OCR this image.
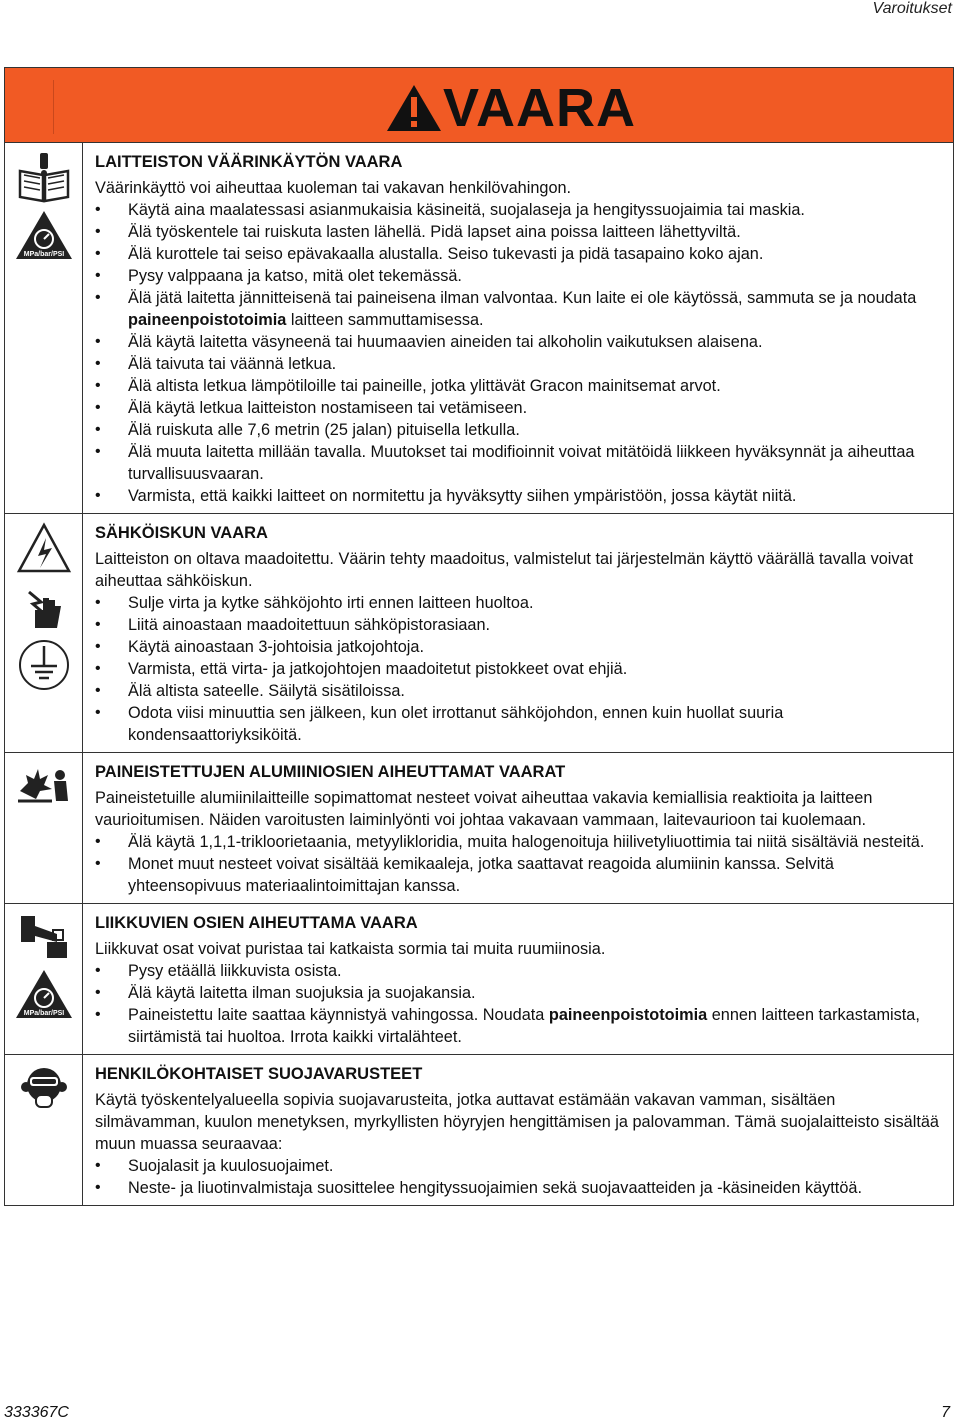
Varoitukset
VAARA
MPa/bar/PSI
LAITTEISTON VÄÄRINKÄYTÖN VAARA

Väärinkäyttö voi aiheuttaa kuoleman tai vakavan henkilövahingon.

• Käytä aina maalatessasi asianmukaisia käsineitä, suojalaseja ja hengityssuojaimia tai maskia.
• Älä työskentele tai ruiskuta lasten lähellä. Pidä lapset aina poissa laitteen lähettyviltä.
• Älä kurottele tai seiso epävakaalla alustalla. Seiso tukevasti ja pidä tasapaino koko ajan.
• Pysy valppaana ja katso, mitä olet tekemässä.
• Älä jätä laitetta jännitteisenä tai paineisena ilman valvontaa. Kun laite ei ole käytössä, sammuta se ja noudata paineenpoistotoimia laitteen sammuttamisessa.
• Älä käytä laitetta väsyneenä tai huumaavien aineiden tai alkoholin vaikutuksen alaisena.
• Älä taivuta tai väännä letkua.
• Älä altista letkua lämpötiloille tai paineille, jotka ylittävät Gracon mainitsemat arvot.
• Älä käytä letkua laitteiston nostamiseen tai vetämiseen.
• Älä ruiskuta alle 7,6 metrin (25 jalan) pituisella letkulla.
• Älä muuta laitetta millään tavalla. Muutokset tai modifioinnit voivat mitätöidä liikkeen hyväksynnät ja aiheuttaa turvallisuusvaaran.
• Varmista, että kaikki laitteet on normitettu ja hyväksytty siihen ympäristöön, jossa käytät niitä.
SÄHKÖISKUN VAARA

Laitteiston on oltava maadoitettu. Väärin tehty maadoitus, valmistelut tai järjestelmän käyttö väärällä tavalla voivat aiheuttaa sähköiskun.

• Sulje virta ja kytke sähköjohto irti ennen laitteen huoltoa.
• Liitä ainoastaan maadoitettuun sähköpistorasiaan.
• Käytä ainoastaan 3-johtoisia jatkojohtoja.
• Varmista, että virta- ja jatkojohtojen maadoitetut pistokkeet ovat ehjiä.
• Älä altista sateelle. Säilytä sisätiloissa.
• Odota viisi minuuttia sen jälkeen, kun olet irrottanut sähköjohdon, ennen kuin huollat suuria kondensaattoriyksiköitä.
PAINEISTETTUJEN ALUMIINIOSIEN AIHEUTTAMAT VAARAT

Paineistetuille alumiinilaitteille sopimattomat nesteet voivat aiheuttaa vakavia kemiallisia reaktioita ja laitteen vaurioitumisen. Näiden varoitusten laiminlyönti voi johtaa vakavaan vammaan, laitevaurioon tai kuolemaan.

• Älä käytä 1,1,1-trikloorietaania, metyylikloridia, muita halogenoituja hiilivetyliuottimia tai niitä sisältäviä nesteitä.
• Monet muut nesteet voivat sisältää kemikaaleja, jotka saattavat reagoida alumiinin kanssa. Selvitä yhteensopivuus materiaalintoimittajan kanssa.
MPa/bar/PSI
LIIKKUVIEN OSIEN AIHEUTTAMA VAARA

Liikkuvat osat voivat puristaa tai katkaista sormia tai muita ruumiinosia.

• Pysy etäällä liikkuvista osista.
• Älä käytä laitetta ilman suojuksia ja suojakansia.
• Paineistettu laite saattaa käynnistyä vahingossa. Noudata paineenpoistotoimia ennen laitteen tarkastamista, siirtämistä tai huoltoa. Irrota kaikki virtalähteet.
HENKILÖKOHTAISET SUOJAVARUSTEET

Käytä työskentelyalueella sopivia suojavarusteita, jotka auttavat estämään vakavan vamman, sisältäen silmävamman, kuulon menetyksen, myrkyllisten höyryjen hengittämisen ja palovamman. Tämä suojalaitteisto sisältää muun muassa seuraavaa:

• Suojalasit ja kuulosuojaimet.
• Neste- ja liuotinvalmistaja suosittelee hengityssuojaimien sekä suojavaatteiden ja -käsineiden käyttöä.
333367C	7
